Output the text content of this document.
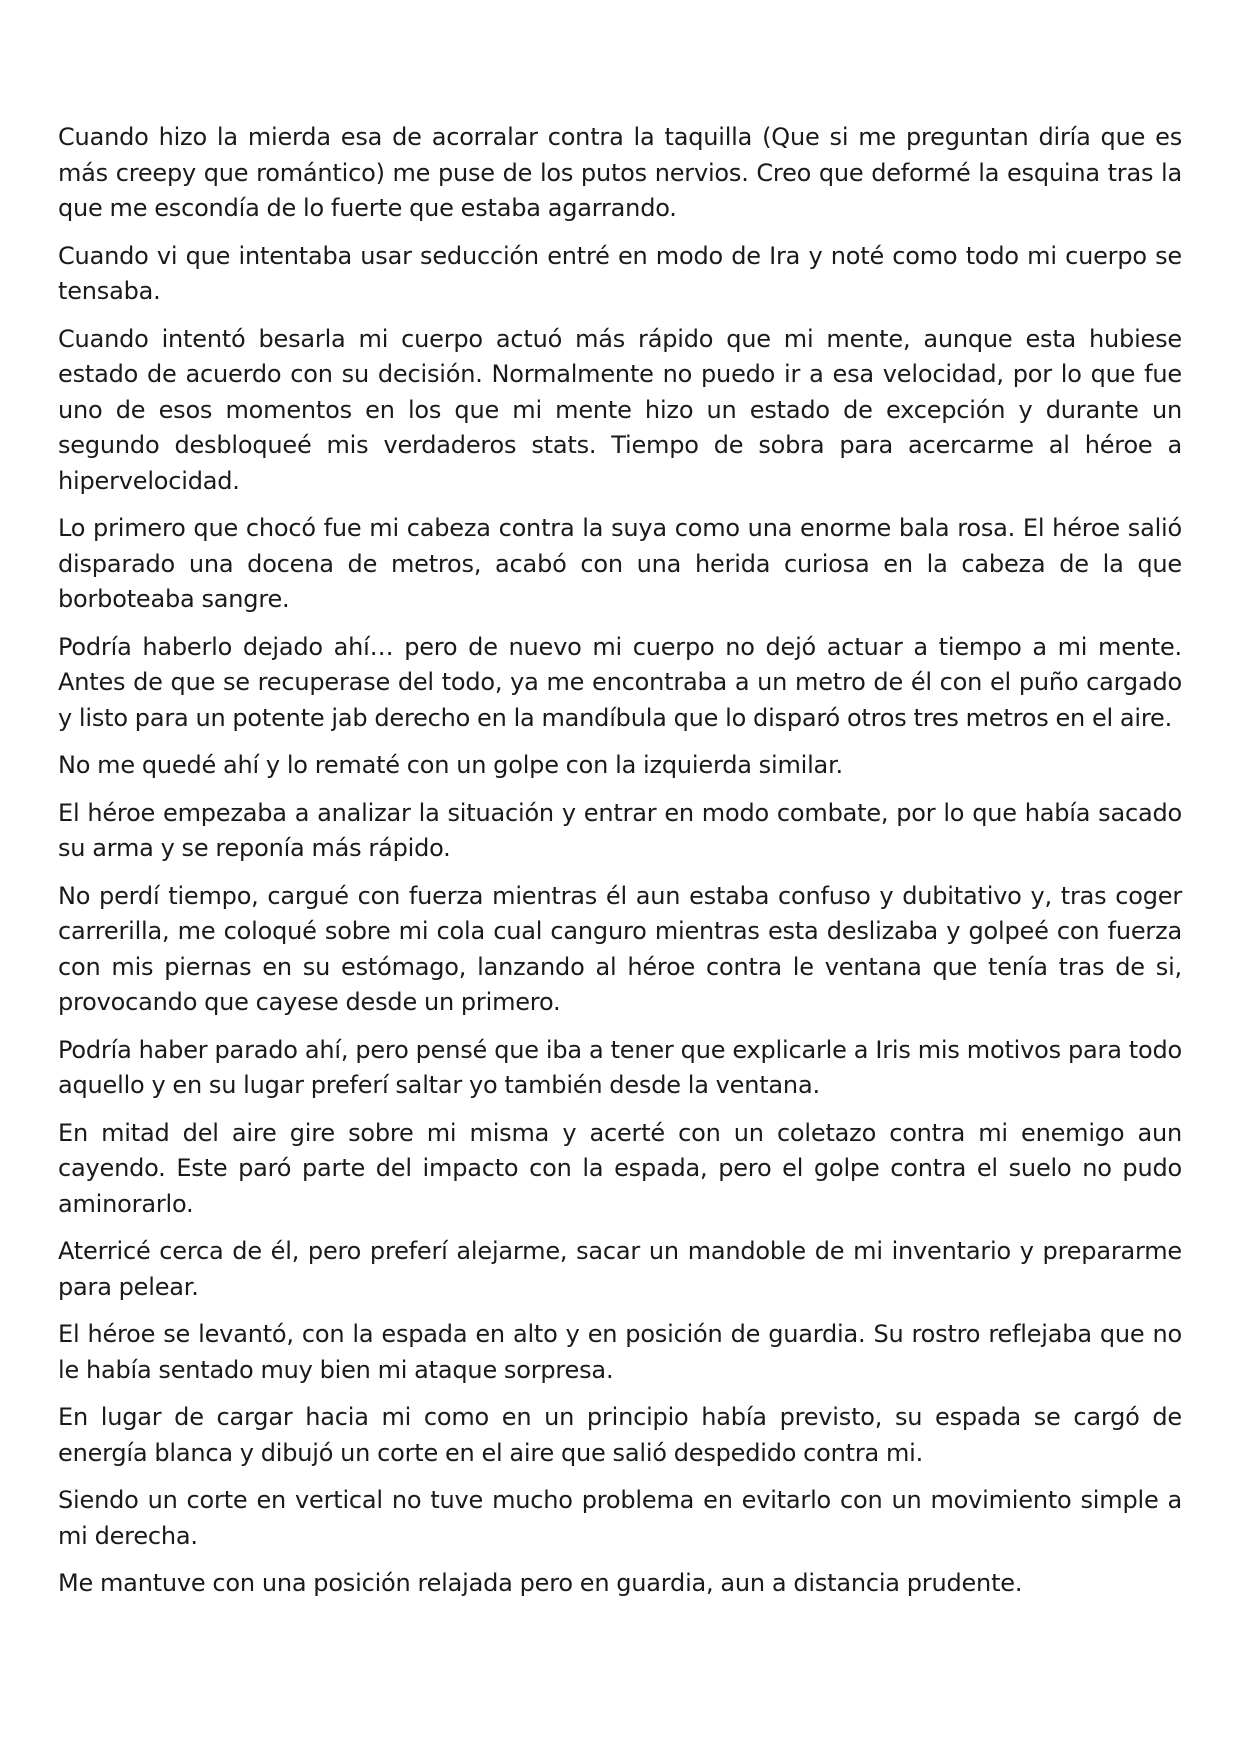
Cuando hizo la mierda esa de acorralar contra la taquilla (Que si me preguntan diría que es más creepy que romántico) me puse de los putos nervios. Creo que deformé la esquina tras la que me escondía de lo fuerte que estaba agarrando.

Cuando vi que intentaba usar seducción entré en modo de Ira y noté como todo mi cuerpo se tensaba.

Cuando intentó besarla mi cuerpo actuó más rápido que mi mente, aunque esta hubiese estado de acuerdo con su decisión. Normalmente no puedo ir a esa velocidad, por lo que fue uno de esos momentos en los que mi mente hizo un estado de excepción y durante un segundo desbloqueé mis verdaderos stats. Tiempo de sobra para acercarme al héroe a hipervelocidad.

Lo primero que chocó fue mi cabeza contra la suya como una enorme bala rosa. El héroe salió disparado una docena de metros, acabó con una herida curiosa en la cabeza de la que borboteaba sangre.

Podría haberlo dejado ahí… pero de nuevo mi cuerpo no dejó actuar a tiempo a mi mente. Antes de que se recuperase del todo, ya me encontraba a un metro de él con el puño cargado y listo para un potente jab derecho en la mandíbula que lo disparó otros tres metros en el aire.

No me quedé ahí y lo rematé con un golpe con la izquierda similar.

El héroe empezaba a analizar la situación y entrar en modo combate, por lo que había sacado su arma y se reponía más rápido.

No perdí tiempo, cargué con fuerza mientras él aun estaba confuso y dubitativo y, tras coger carrerilla, me coloqué sobre mi cola cual canguro mientras esta deslizaba y golpeé con fuerza con mis piernas en su estómago, lanzando al héroe contra le ventana que tenía tras de si, provocando que cayese desde un primero.

Podría haber parado ahí, pero pensé que iba a tener que explicarle a Iris mis motivos para todo aquello y en su lugar preferí saltar yo también desde la ventana.

En mitad del aire gire sobre mi misma y acerté con un coletazo contra mi enemigo aun cayendo. Este paró parte del impacto con la espada, pero el golpe contra el suelo no pudo aminorarlo.

Aterricé cerca de él, pero preferí alejarme, sacar un mandoble de mi inventario y prepararme para pelear.

El héroe se levantó, con la espada en alto y en posición de guardia. Su rostro reflejaba que no le había sentado muy bien mi ataque sorpresa.

En lugar de cargar hacia mi como en un principio había previsto, su espada se cargó de energía blanca y dibujó un corte en el aire que salió despedido contra mi.

Siendo un corte en vertical no tuve mucho problema en evitarlo con un movimiento simple a mi derecha.

Me mantuve con una posición relajada pero en guardia, aun a distancia prudente.
